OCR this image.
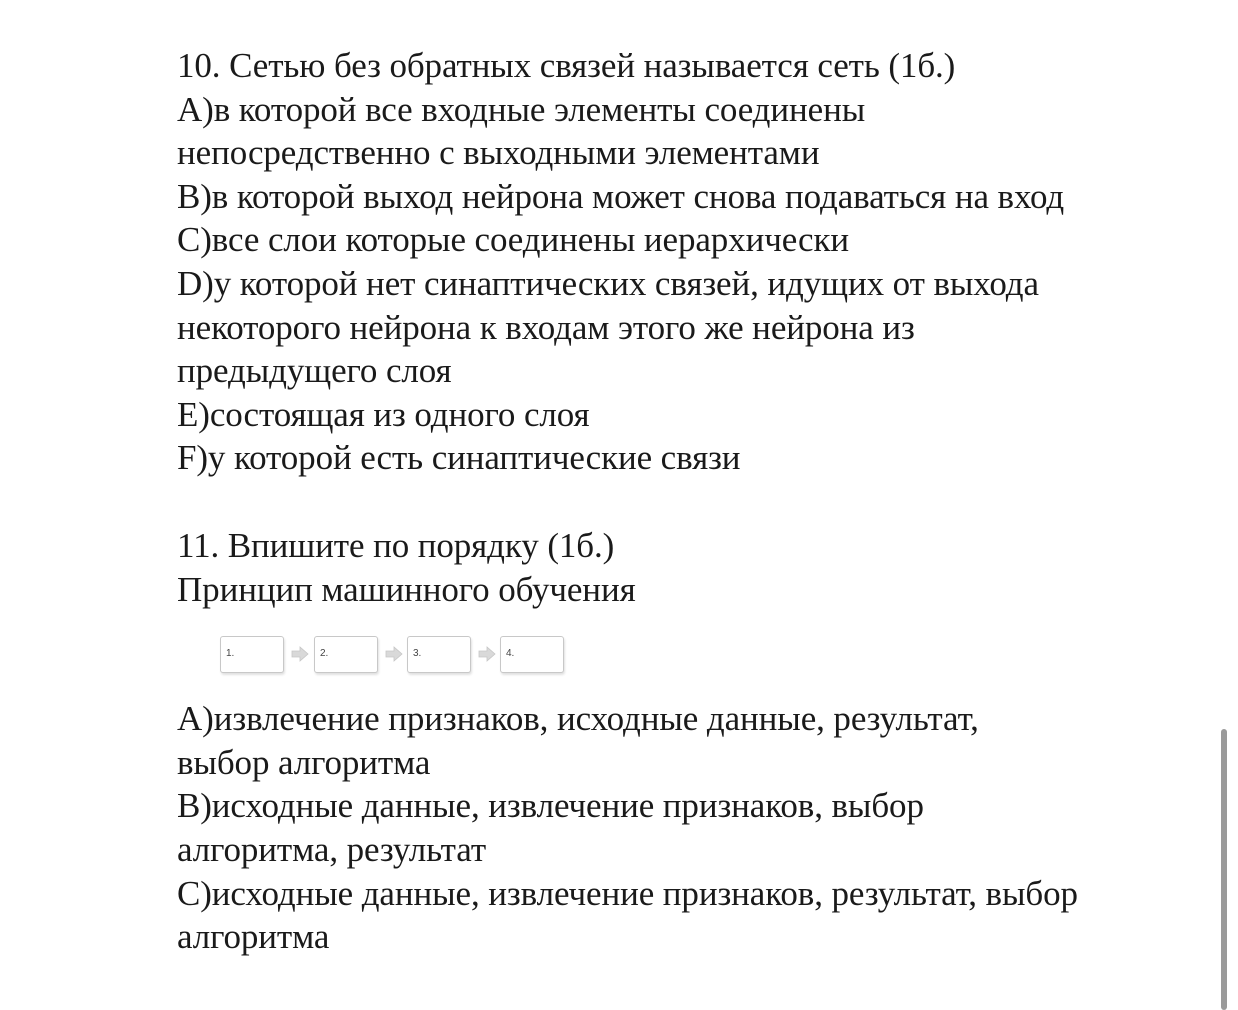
10. Сетью без обратных связей называется сеть (1б.)
А)в которой все входные элементы соединены
непосредственно с выходными элементами
В)в которой выход нейрона может снова подаваться на вход
С)все слои которые соединены иерархически
D)у которой нет синаптических связей, идущих от выхода
некоторого нейрона к входам этого же нейрона из
предыдущего слоя
Е)состоящая из одного слоя
F)у которой есть синаптические связи
11. Впишите по порядку (1б.)
Принцип машинного обучения
1.	2.	3.	4.
А)извлечение признаков, исходные данные, результат,
выбор алгоритма
В)исходные данные, извлечение признаков, выбор
алгоритма, результат
С)исходные данные, извлечение признаков, результат, выбор
алгоритма
